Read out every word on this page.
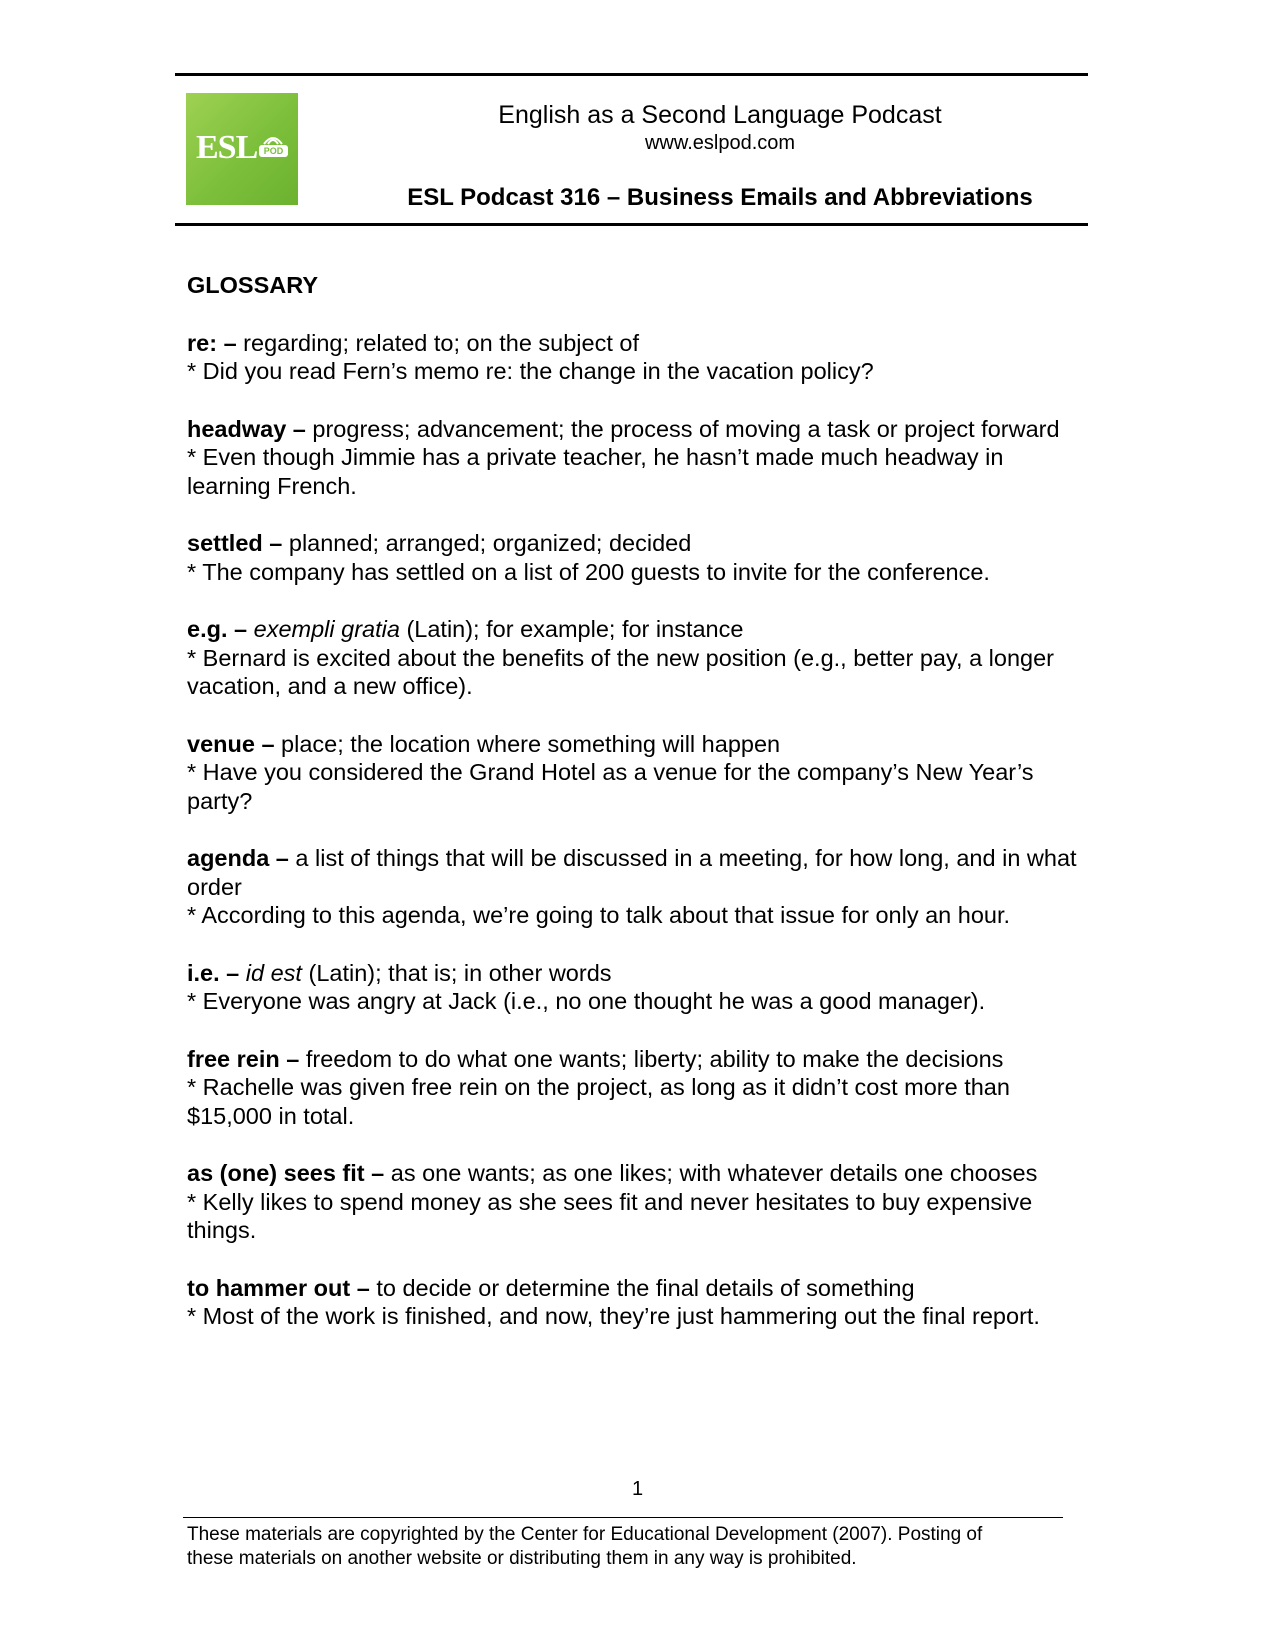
ESL POD
English as a Second Language Podcast
www.eslpod.com
ESL Podcast 316 – Business Emails and Abbreviations

GLOSSARY

re: – regarding; related to; on the subject of

* Did you read Fern’s memo re: the change in the vacation policy?

headway – progress; advancement; the process of moving a task or project forward

* Even though Jimmie has a private teacher, he hasn’t made much headway in learning French.

settled – planned; arranged; organized; decided

* The company has settled on a list of 200 guests to invite for the conference.

e.g. – exempli gratia (Latin); for example; for instance

* Bernard is excited about the benefits of the new position (e.g., better pay, a longer vacation, and a new office).

venue – place; the location where something will happen

* Have you considered the Grand Hotel as a venue for the company’s New Year’s party?

agenda – a list of things that will be discussed in a meeting, for how long, and in what order

* According to this agenda, we’re going to talk about that issue for only an hour.

i.e. – id est (Latin); that is; in other words

* Everyone was angry at Jack (i.e., no one thought he was a good manager).

free rein – freedom to do what one wants; liberty; ability to make the decisions

* Rachelle was given free rein on the project, as long as it didn’t cost more than $15,000 in total.

as (one) sees fit – as one wants; as one likes; with whatever details one chooses

* Kelly likes to spend money as she sees fit and never hesitates to buy expensive things.

to hammer out – to decide or determine the final details of something

* Most of the work is finished, and now, they’re just hammering out the final report.

1

These materials are copyrighted by the Center for Educational Development (2007). Posting of

these materials on another website or distributing them in any way is prohibited.
